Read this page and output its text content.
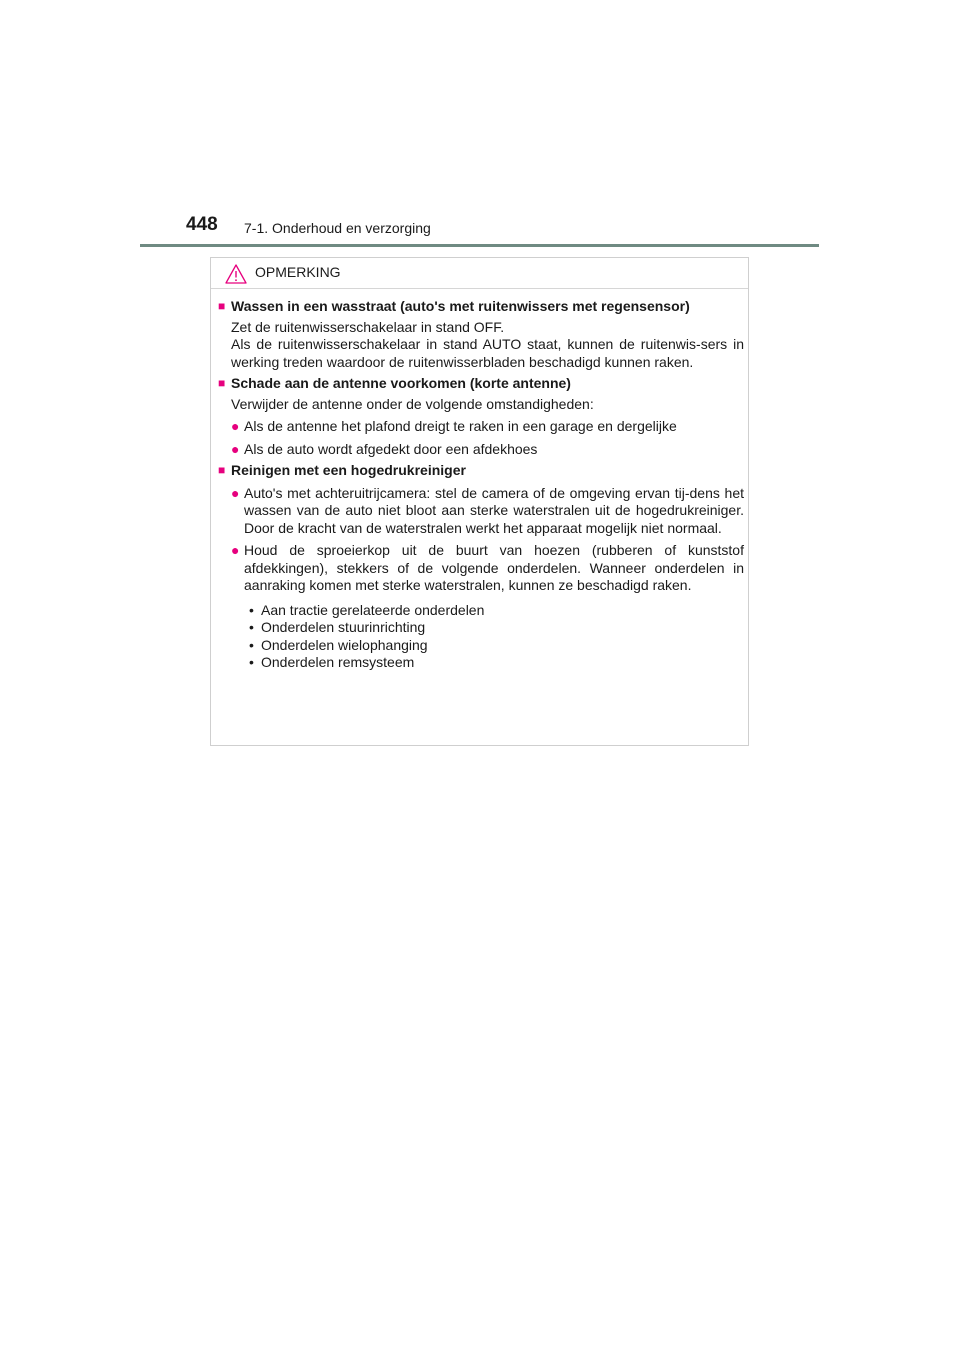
448 7-1. Onderhoud en verzorging
OPMERKING
■ Wassen in een wasstraat (auto's met ruitenwissers met regensensor)
Zet de ruitenwisserschakelaar in stand OFF.
Als de ruitenwisserschakelaar in stand AUTO staat, kunnen de ruitenwis-sers in werking treden waardoor de ruitenwisserbladen beschadigd kunnen raken.
■ Schade aan de antenne voorkomen (korte antenne)
Verwijder de antenne onder de volgende omstandigheden:
● Als de antenne het plafond dreigt te raken in een garage en dergelijke
● Als de auto wordt afgedekt door een afdekhoes
■ Reinigen met een hogedrukreiniger
● Auto's met achteruitrijcamera: stel de camera of de omgeving ervan tij-dens het wassen van de auto niet bloot aan sterke waterstralen uit de hogedrukreiniger. Door de kracht van de waterstralen werkt het apparaat mogelijk niet normaal.
● Houd de sproeierkop uit de buurt van hoezen (rubberen of kunststof afdekkingen), stekkers of de volgende onderdelen. Wanneer onderdelen in aanraking komen met sterke waterstralen, kunnen ze beschadigd raken.
• Aan tractie gerelateerde onderdelen
• Onderdelen stuurinrichting
• Onderdelen wielophanging
• Onderdelen remsysteem
